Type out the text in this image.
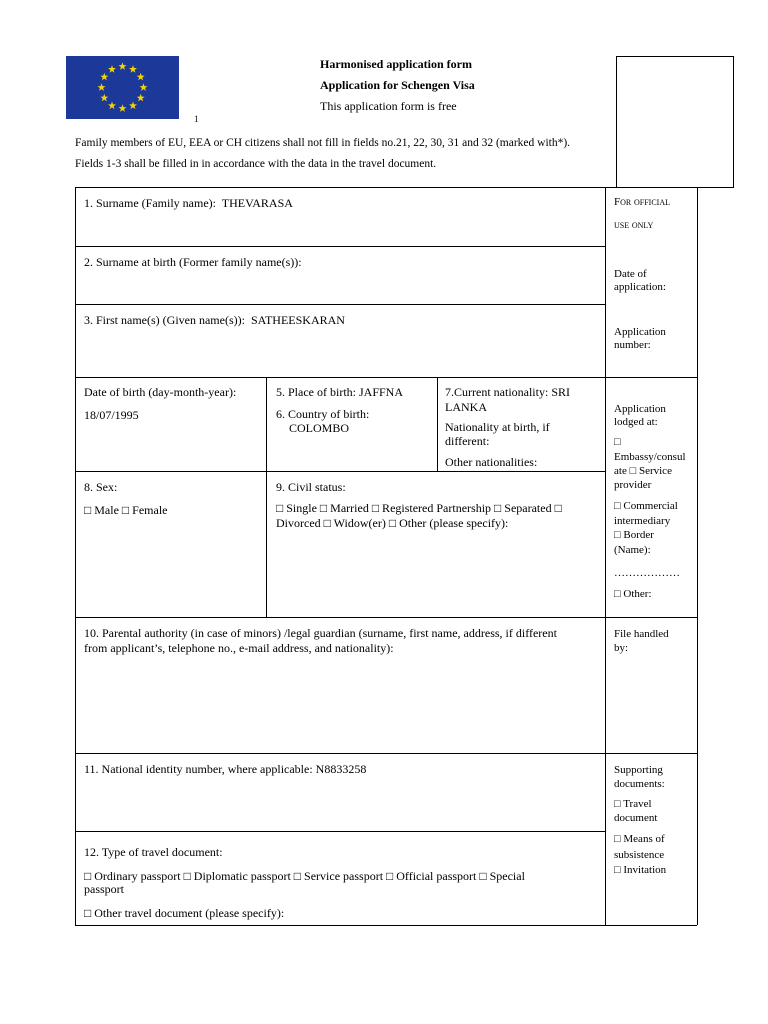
1
Harmonised application form
Application for Schengen Visa
This application form is free
Family members of EU, EEA or CH citizens shall not fill in fields no.21, 22, 30, 31 and 32 (marked with*).
Fields 1-3 shall be filled in in accordance with the data in the travel document.
1. Surname (Family name): THEVARASA
2. Surname at birth (Former family name(s)):
3. First name(s) (Given name(s)): SATHEESKARAN
Date of birth (day-month-year):
18/07/1995
5. Place of birth: JAFFNA
6. Country of birth:
COLOMBO
7.Current nationality: SRI
LANKA
Nationality at birth, if
different:
Other nationalities:
8. Sex:
□ Male □ Female
9. Civil status:
□ Single □ Married □ Registered Partnership □ Separated □
Divorced □ Widow(er) □ Other (please specify):
10. Parental authority (in case of minors) /legal guardian (surname, first name, address, if different
from applicant’s, telephone no., e-mail address, and nationality):
11. National identity number, where applicable: N8833258
12. Type of travel document:
□ Ordinary passport □ Diplomatic passport □ Service passport □ Official passport □ Special
passport
□ Other travel document (please specify):
For official
use only
Date of
application:
Application
number:
Application
lodged at:
□
Embassy/consul
ate □ Service
provider
□ Commercial
intermediary
□ Border
(Name):
………………
□ Other:
File handled
by:
Supporting
documents:
□ Travel
document
□ Means of
subsistence
□ Invitation
